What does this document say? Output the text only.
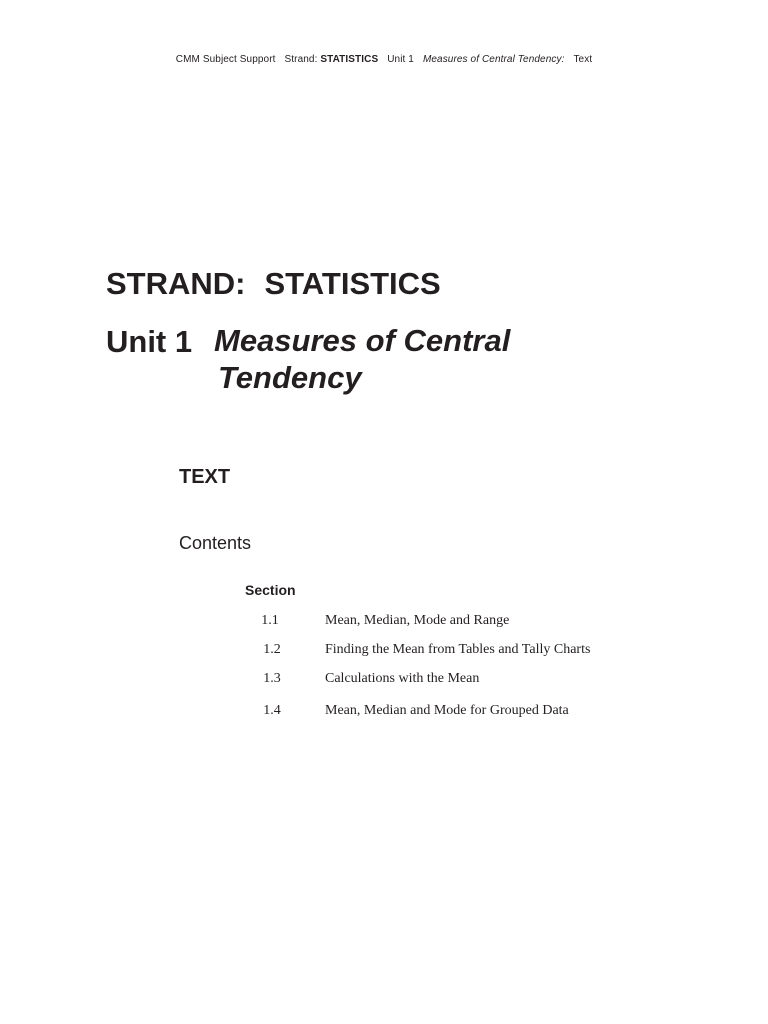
CMM Subject Support Strand: STATISTICS Unit 1 Measures of Central Tendency: Text
STRAND: STATISTICS
Unit 1 Measures of Central
Tendency
TEXT
Contents
Section
1.1	Mean, Median, Mode and Range
1.2	Finding the Mean from Tables and Tally Charts
1.3	Calculations with the Mean
1.4	Mean, Median and Mode for Grouped Data
